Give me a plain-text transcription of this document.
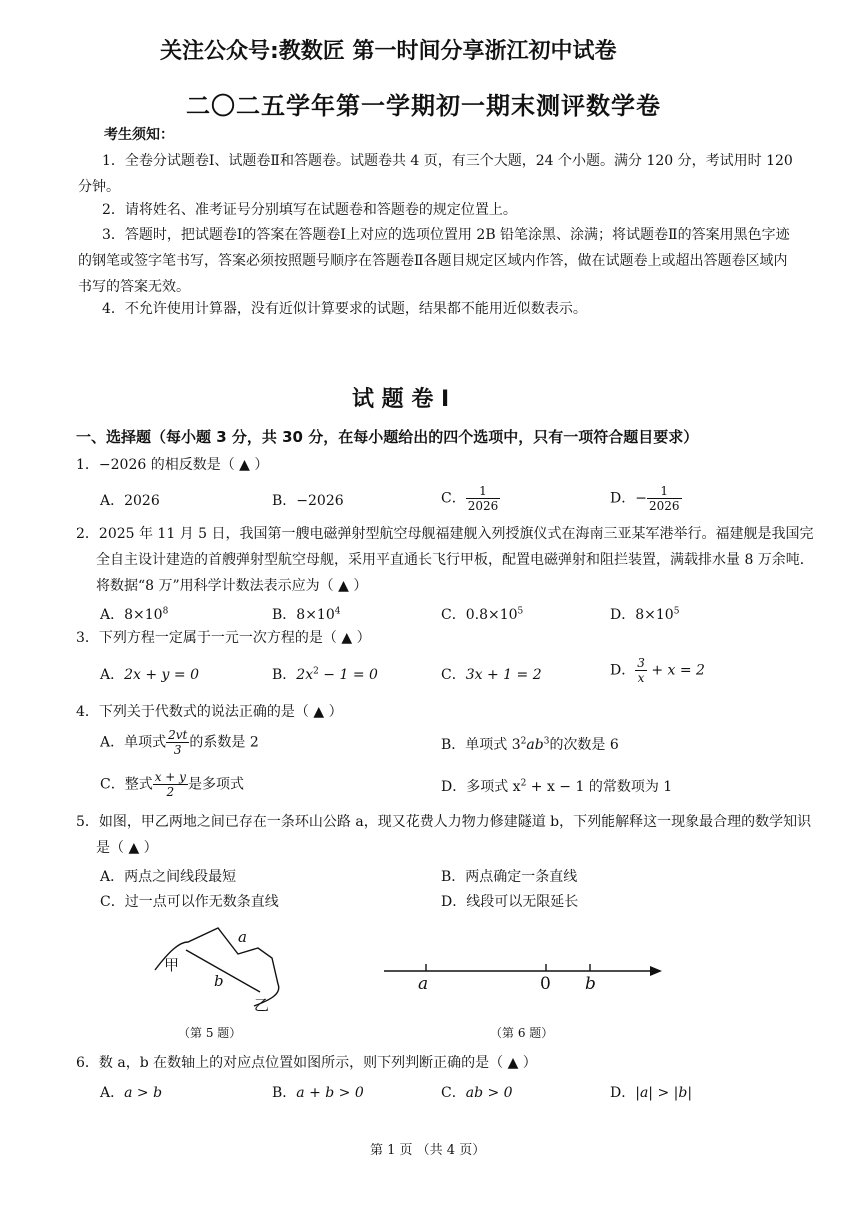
关注公众号:教数匠 第一时间分享浙江初中试卷
二〇二五学年第一学期初一期末测评数学卷
考生须知：
1．全卷分试题卷Ⅰ、试题卷Ⅱ和答题卷。试题卷共 4 页，有三个大题，24 个小题。满分 120 分，考试用时 120 分钟。
2．请将姓名、准考证号分别填写在试题卷和答题卷的规定位置上。
3．答题时，把试题卷Ⅰ的答案在答题卷Ⅰ上对应的选项位置用 2B 铅笔涂黑、涂满；将试题卷Ⅱ的答案用黑色字迹的钢笔或签字笔书写，答案必须按照题号顺序在答题卷Ⅱ各题目规定区域内作答，做在试题卷上或超出答题卷区域内书写的答案无效。
4．不允许使用计算器，没有近似计算要求的试题，结果都不能用近似数表示。
试 题 卷 Ⅰ
一、选择题（每小题 3 分，共 30 分，在每小题给出的四个选项中，只有一项符合题目要求）
1．−2026 的相反数是（ ▲ ）
A．2026	B．−2026	C． $\frac{1}{2026}$	D．− $\frac{1}{2026}$
2．2025 年 11 月 5 日，我国第一艘电磁弹射型航空母舰福建舰入列授旗仪式在海南三亚某军港举行。福建舰是我国完全自主设计建造的首艘弹射型航空母舰，采用平直通长飞行甲板，配置电磁弹射和阻拦装置，满载排水量 8 万余吨．将数据“8 万”用科学计数法表示应为（ ▲ ）
A．$8\times 10^8$	B．$8\times 10^4$	C．$0.8\times 10^5$	D．$8\times 10^5$
3．下列方程一定属于一元一次方程的是（ ▲ ）
A．2x + y = 0	B．$2x^2 - 1 = 0$	C．3x + 1 = 2	D． $\frac{3}{x} + x = 2$
4．下列关于代数式的说法正确的是（ ▲ ）
A．单项式 $\frac{2vt}{3}$ 的系数是 2	B．单项式 $3^2ab^3$的次数是 6
C．整式 $\frac{x + y}{2}$ 是多项式	D．多项式 $x^2 + x - 1$ 的常数项为 1
5．如图，甲乙两地之间已存在一条环山公路 a，现又花费人力物力修建隧道 b，下列能解释这一现象最合理的数学知识是（ ▲ ）
A．两点之间线段最短	B．两点确定一条直线
C．过一点可以作无数条直线	D．线段可以无限延长
甲
a
b
乙
（第 5 题）
a	0 b
（第 6 题）
6．数 a，b 在数轴上的对应点位置如图所示，则下列判断正确的是（ ▲ ）
A．a > b	B．a + b > 0	C．ab > 0	D．|a| > |b|
第 1 页 （共 4 页）
